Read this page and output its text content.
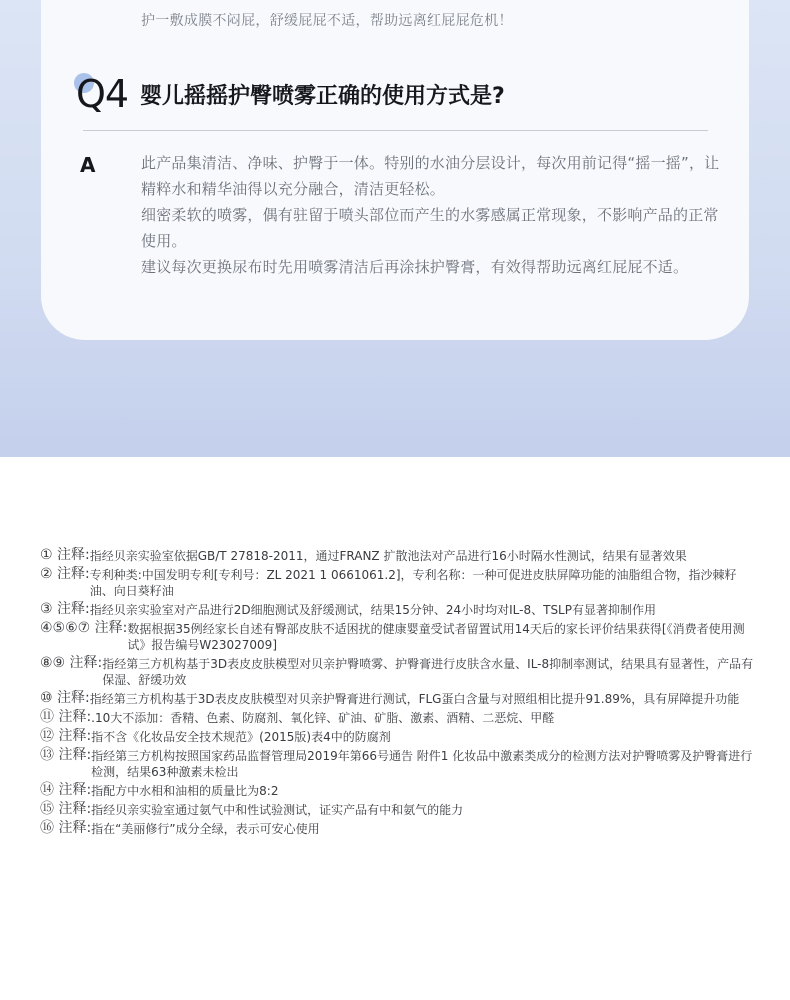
护一敷成膜不闷屁，舒缓屁屁不适，帮助远离红屁屁危机！

Q4 婴儿摇摇护臀喷雾正确的使用方式是?
A	此产品集清洁、净味、护臀于一体。特别的水油分层设计，每次用前记得“摇一摇”，让精粹水和精华油得以充分融合，清洁更轻松。

细密柔软的喷雾，偶有驻留于喷头部位而产生的水雾感属正常现象，不影响产品的正常使用。

建议每次更换尿布时先用喷雾清洁后再涂抹护臀膏，有效得帮助远离红屁屁不适。

① 注释: 指经贝亲实验室依据GB/T 27818-2011，通过FRANZ 扩散池法对产品进行16小时隔水性测试，结果有显著效果
② 注释: 专利种类:中国发明专利[专利号：ZL 2021 1 0661061.2]，专利名称：一种可促进皮肤屏障功能的油脂组合物，指沙棘籽油、向日葵籽油
③ 注释: 指经贝亲实验室对产品进行2D细胞测试及舒缓测试，结果15分钟、24小时均对IL-8、TSLP有显著抑制作用
④⑤⑥⑦ 注释: 数据根据35例经家长自述有臀部皮肤不适困扰的健康婴童受试者留置试用14天后的家长评价结果获得[《消费者使用测试》报告编号W23027009]
⑧⑨ 注释: 指经第三方机构基于3D表皮皮肤模型对贝亲护臀喷雾、护臀膏进行皮肤含水量、IL-8抑制率测试，结果具有显著性，产品有保湿、舒缓功效
⑩ 注释: 指经第三方机构基于3D表皮皮肤模型对贝亲护臀膏进行测试，FLG蛋白含量与对照组相比提升91.89%，具有屏障提升功能
⑪ 注释: .10大不添加：香精、色素、防腐剂、氧化锌、矿油、矿脂、激素、酒精、二恶烷、甲醛
⑫ 注释: 指不含《化妆品安全技术规范》(2015版)表4中的防腐剂
⑬ 注释: 指经第三方机构按照国家药品监督管理局2019年第66号通告 附件1 化妆品中激素类成分的检测方法对护臀喷雾及护臀膏进行检测，结果63种激素未检出
⑭ 注释: 指配方中水相和油相的质量比为8:2
⑮ 注释: 指经贝亲实验室通过氨气中和性试验测试，证实产品有中和氨气的能力
⑯ 注释: 指在“美丽修行”成分全绿，表示可安心使用
